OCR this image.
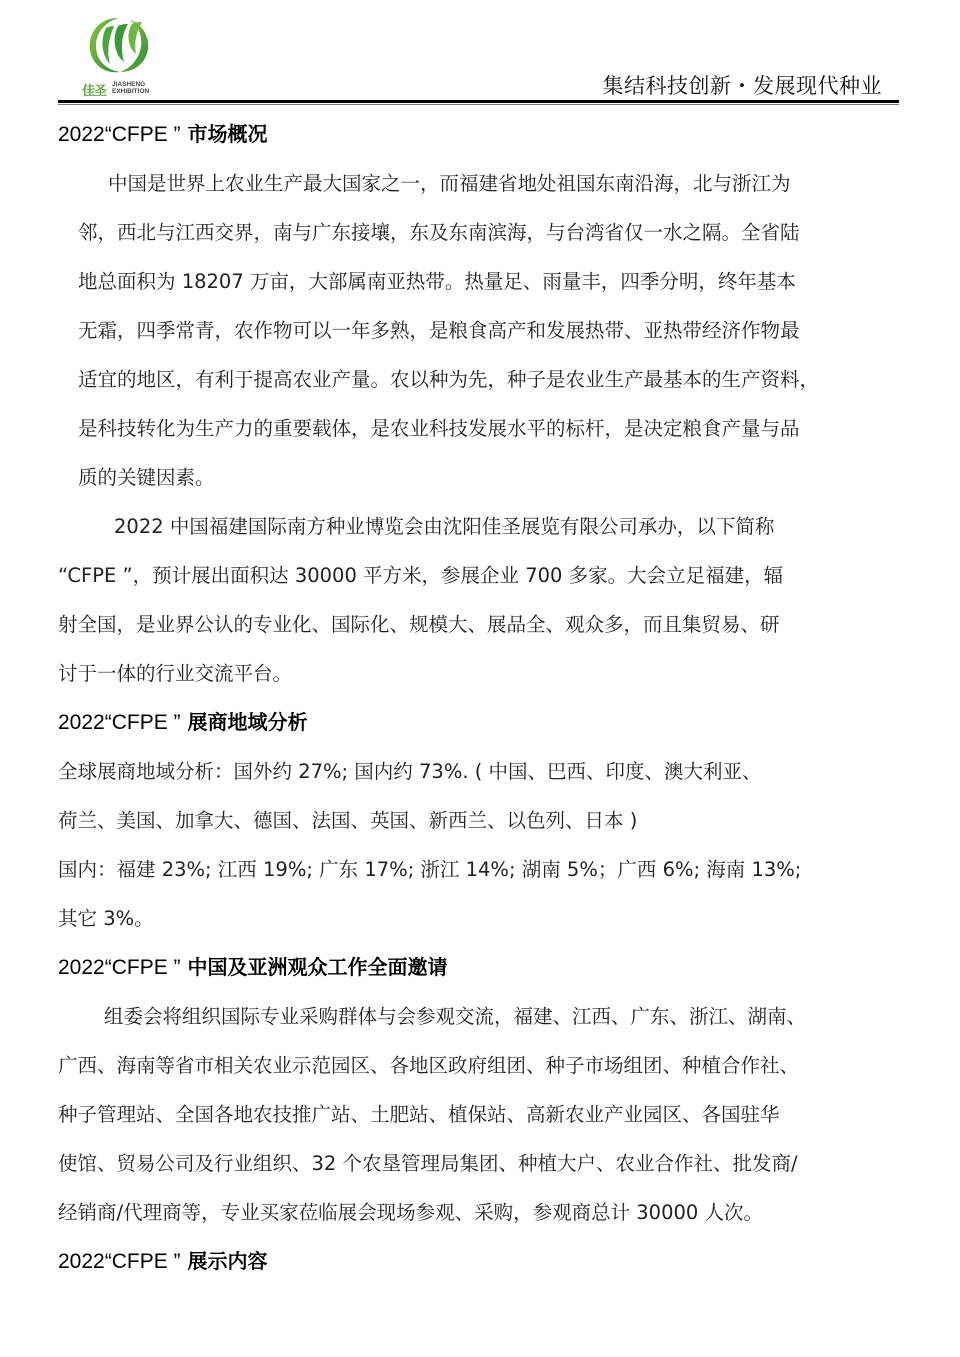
佳圣 JIASHENG
EXHIBITION	集结科技创新・发展现代种业
2022“CFPE ” 市场概况
中国是世界上农业生产最大国家之一，而福建省地处祖国东南沿海，北与浙江为
邻，西北与江西交界，南与广东接壤，东及东南滨海，与台湾省仅一水之隔。全省陆
地总面积为 18207 万亩，大部属南亚热带。热量足、雨量丰，四季分明，终年基本
无霜，四季常青，农作物可以一年多熟，是粮食高产和发展热带、亚热带经济作物最
适宜的地区，有利于提高农业产量。农以种为先，种子是农业生产最基本的生产资料，
是科技转化为生产力的重要载体，是农业科技发展水平的标杆，是决定粮食产量与品
质的关键因素。
2022 中国福建国际南方种业博览会由沈阳佳圣展览有限公司承办，以下简称
“CFPE ”，预计展出面积达 30000 平方米，参展企业 700 多家。大会立足福建，辐
射全国，是业界公认的专业化、国际化、规模大、展品全、观众多，而且集贸易、研
讨于一体的行业交流平台。
2022“CFPE ” 展商地域分析
全球展商地域分析：国外约 27%; 国内约 73%. ( 中国、巴西、印度、澳大利亚、
荷兰、美国、加拿大、德国、法国、英国、新西兰、以色列、日本 )
国内：福建 23%; 江西 19%; 广东 17%; 浙江 14%; 湖南 5%；广西 6%; 海南 13%;
其它 3%。
2022“CFPE ” 中国及亚洲观众工作全面邀请
组委会将组织国际专业采购群体与会参观交流，福建、江西、广东、浙江、湖南、
广西、海南等省市相关农业示范园区、各地区政府组团、种子市场组团、种植合作社、
种子管理站、全国各地农技推广站、土肥站、植保站、高新农业产业园区、各国驻华
使馆、贸易公司及行业组织、32 个农垦管理局集团、种植大户、农业合作社、批发商/
经销商/代理商等，专业买家莅临展会现场参观、采购，参观商总计 30000 人次。
2022“CFPE ” 展示内容
